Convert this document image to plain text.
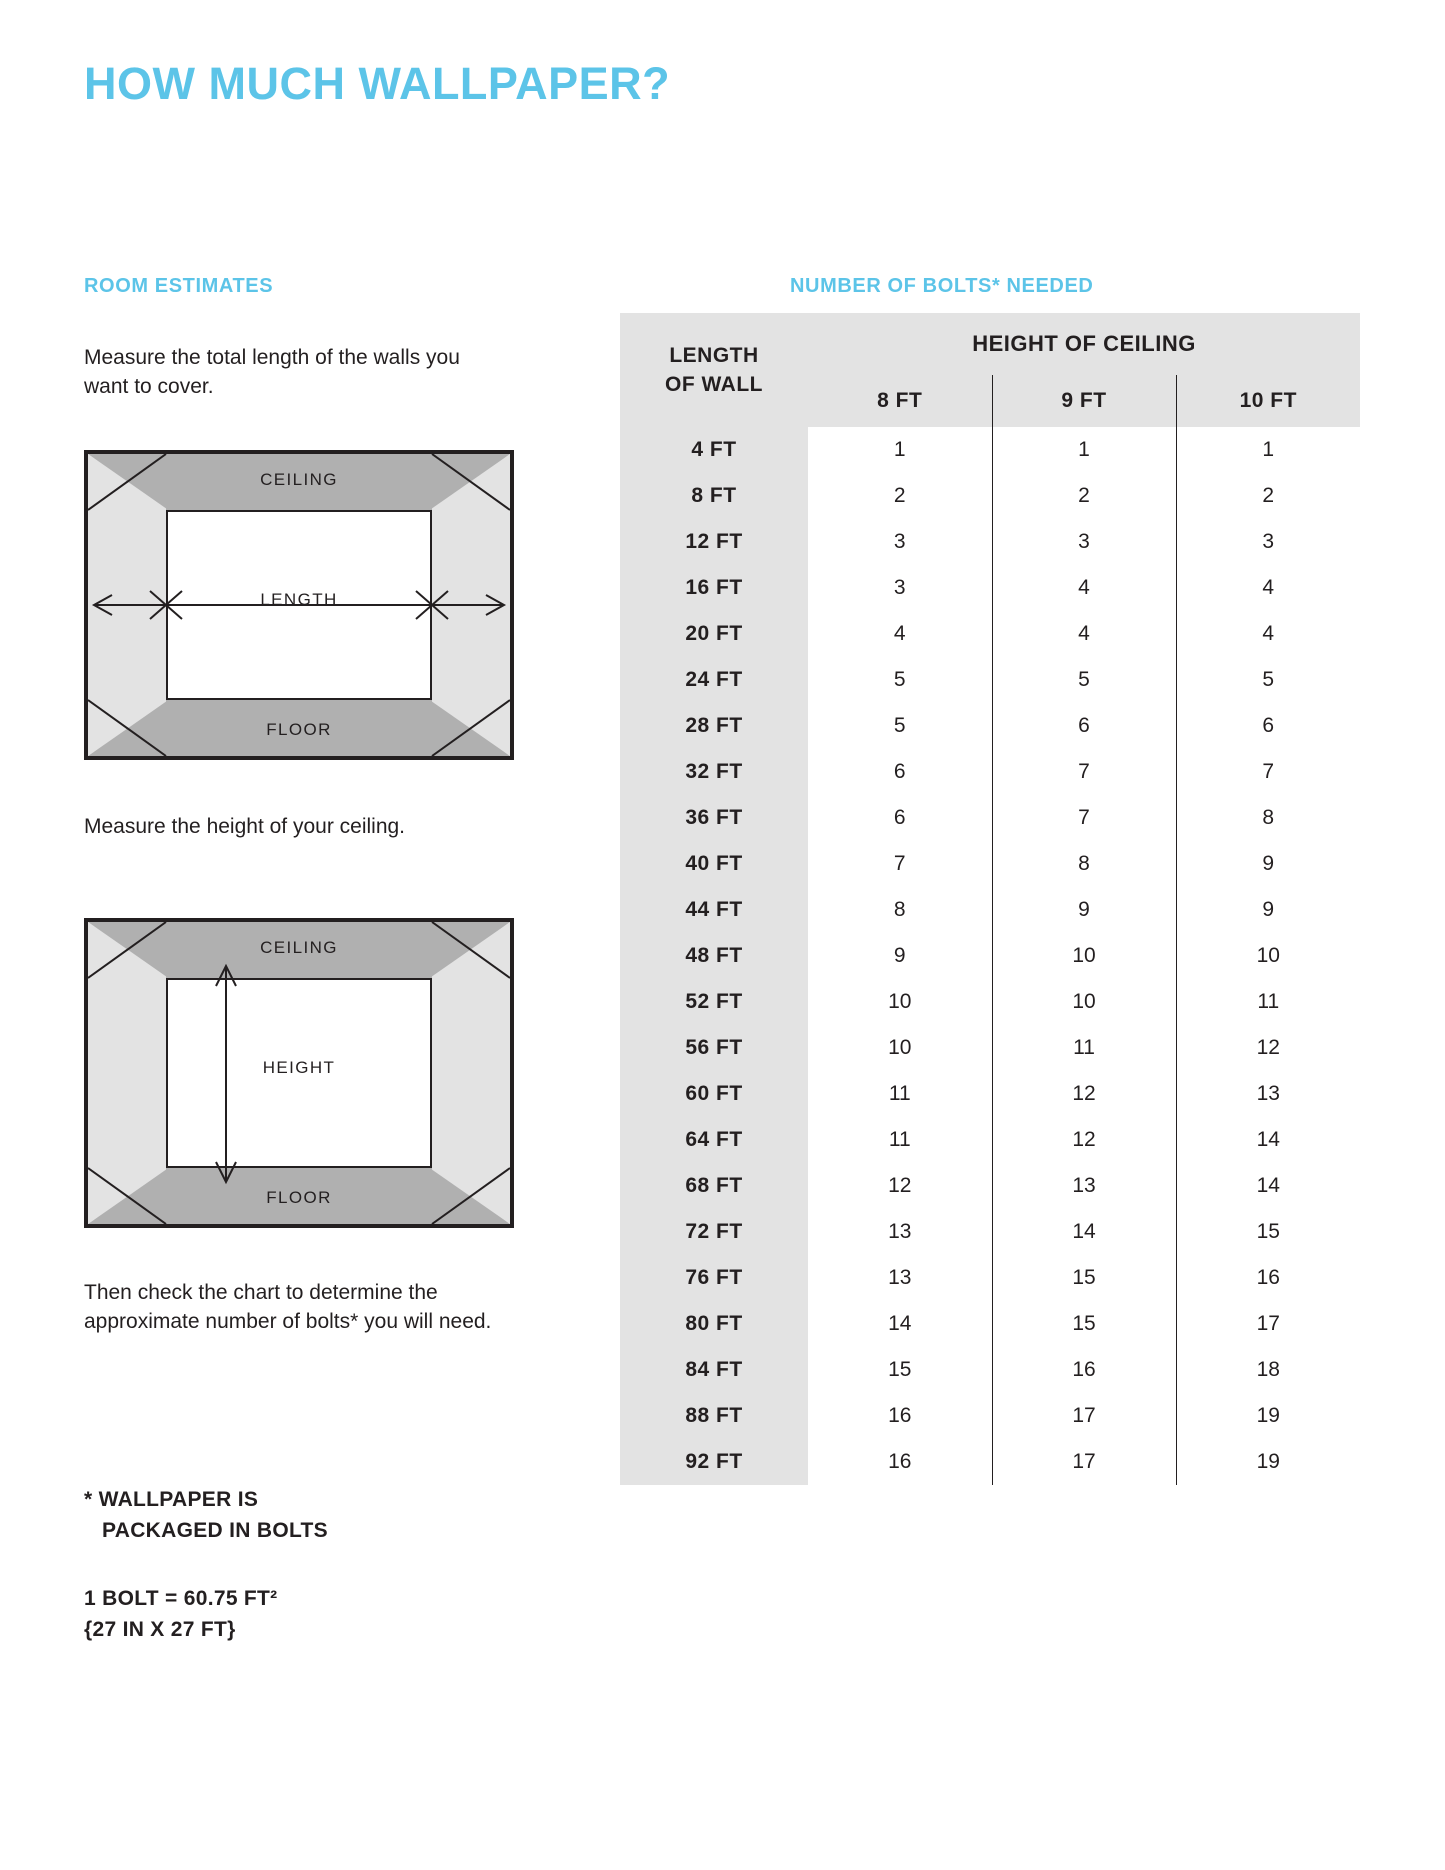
HOW MUCH WALLPAPER?
ROOM ESTIMATES
Measure the total length of the walls you want to cover.
CEILING
LENGTH
FLOOR
Measure the height of your ceiling.
CEILING
HEIGHT
FLOOR
Then check the chart to determine the approximate number of bolts* you will need.
* WALLPAPER IS

PACKAGED IN BOLTS
1 BOLT = 60.75 FT²
{27 IN X 27 FT}
NUMBER OF BOLTS* NEEDED
LENGTH
OF WALL	HEIGHT OF CEILING		
	8 FT	9 FT	10 FT
4 FT	1	1	1
8 FT	2	2	2
12 FT	3	3	3
16 FT	3	4	4
20 FT	4	4	4
24 FT	5	5	5
28 FT	5	6	6
32 FT	6	7	7
36 FT	6	7	8
40 FT	7	8	9
44 FT	8	9	9
48 FT	9	10	10
52 FT	10	10	11
56 FT	10	11	12
60 FT	11	12	13
64 FT	11	12	14
68 FT	12	13	14
72 FT	13	14	15
76 FT	13	15	16
80 FT	14	15	17
84 FT	15	16	18
88 FT	16	17	19
92 FT	16	17	19
